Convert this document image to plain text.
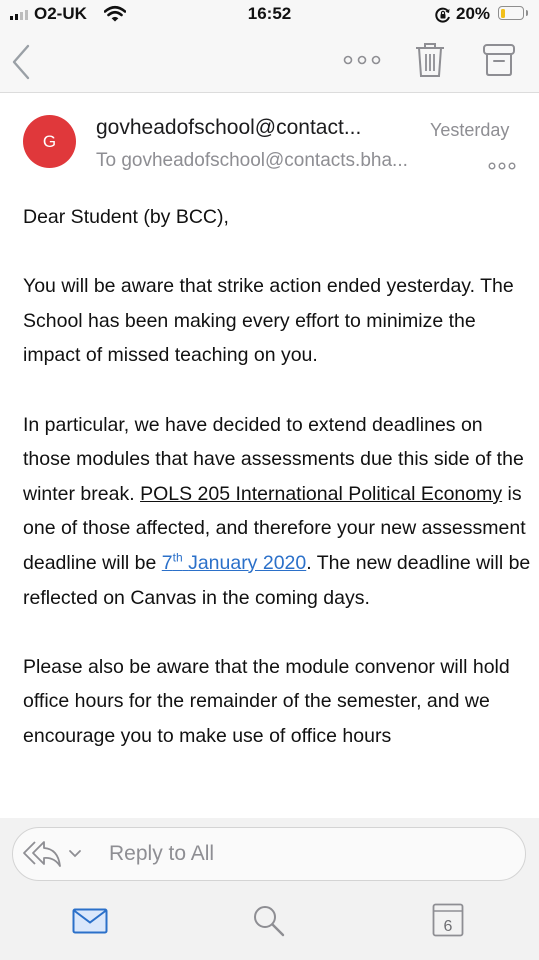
O2-UK	16:52	20%
G
govheadofschool@contact...	Yesterday
To govheadofschool@contacts.bha...

Dear Student (by BCC),

You will be aware that strike action ended yesterday. The School has been making every effort to minimize the impact of missed teaching on you.

In particular, we have decided to extend deadlines on those modules that have assessments due this side of the winter break. POLS 205 International Political Economy is one of those affected, and therefore your new assessment deadline will be 7th January 2020. The new deadline will be reflected on Canvas in the coming days.

Please also be aware that the module convenor will hold office hours for the remainder of the semester, and we encourage you to make use of office hours

Reply to All
6
